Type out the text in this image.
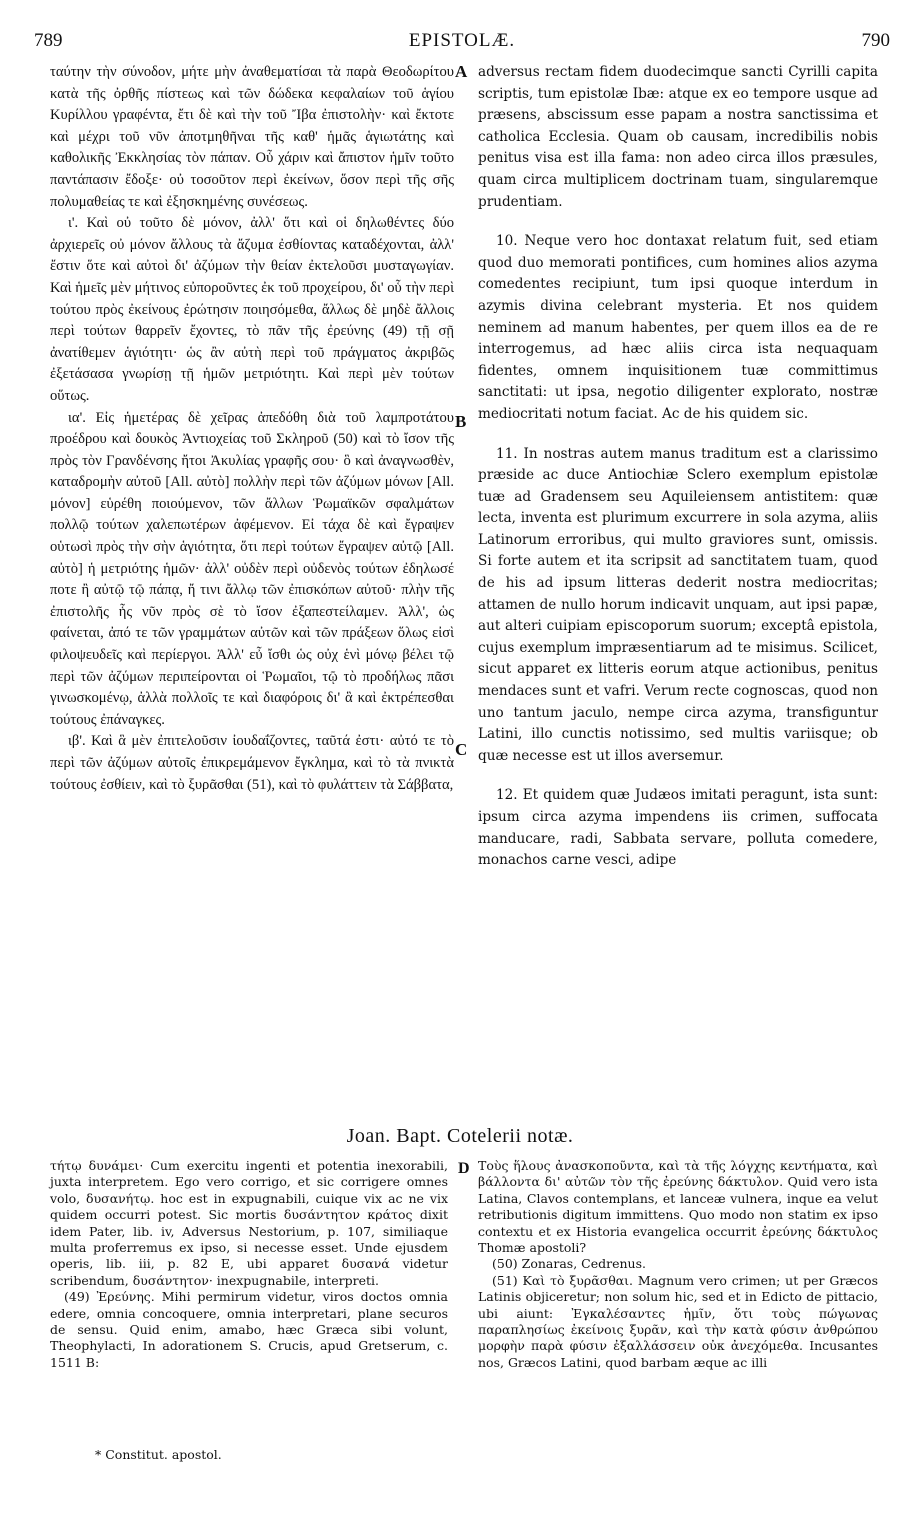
789	EPISTOLÆ.	790

ταύτην τὴν σύνοδον, μήτε μὴν ἀναθεματίσαι τὰ παρὰ Θεοδωρίτου κατὰ τῆς ὀρθῆς πίστεως καὶ τῶν δώδεκα κεφαλαίων τοῦ ἁγίου Κυρίλλου γραφέντα, ἔτι δὲ καὶ τὴν τοῦ Ἴβα ἐπιστολὴν· καὶ ἔκτοτε καὶ μέχρι τοῦ νῦν ἀποτμηθῆναι τῆς καθ' ἡμᾶς ἁγιωτάτης καὶ καθολικῆς Ἐκκλησίας τὸν πάπαν. Οὗ χάριν καὶ ἄπιστον ἡμῖν τοῦτο παντάπασιν ἔδοξε· οὐ τοσοῦτον περὶ ἐκείνων, ὅσον περὶ τῆς σῆς πολυμαθείας τε καὶ ἐξησκημένης συνέσεως.

ι'. Καὶ οὐ τοῦτο δὲ μόνον, ἀλλ' ὅτι καὶ οἱ δηλωθέντες δύο ἀρχιερεῖς οὐ μόνον ἄλλους τὰ ἄζυμα ἐσθίοντας καταδέχονται, ἀλλ' ἔστιν ὅτε καὶ αὐτοὶ δι' ἀζύμων τὴν θείαν ἐκτελοῦσι μυσταγωγίαν. Καὶ ἡμεῖς μὲν μήτινος εὐποροῦντες ἐκ τοῦ προχείρου, δι' οὗ τὴν περὶ τούτου πρὸς ἐκείνους ἐρώτησιν ποιησόμεθα, ἄλλως δὲ μηδὲ ἄλλοις περὶ τούτων θαρρεῖν ἔχοντες, τὸ πᾶν τῆς ἐρεύνης (49) τῇ σῇ ἀνατίθεμεν ἁγιότητι· ὡς ἂν αὐτὴ περὶ τοῦ πράγματος ἀκριβῶς ἐξετάσασα γνωρίσῃ τῇ ἡμῶν μετριότητι. Καὶ περὶ μὲν τούτων οὕτως.

ια'. Εἰς ἡμετέρας δὲ χεῖρας ἀπεδόθη διὰ τοῦ λαμπροτάτου προέδρου καὶ δουκὸς Ἀντιοχείας τοῦ Σκληροῦ (50) καὶ τὸ ἴσον τῆς πρὸς τὸν Γρανδένσης ἤτοι Ἀκυλίας γραφῆς σου· ὃ καὶ ἀναγνωσθὲν, καταδρομὴν αὐτοῦ [All. αὐτὸ] πολλὴν περὶ τῶν ἀζύμων μόνων [All. μόνον] εὑρέθη ποιούμενον, τῶν ἄλλων Ῥωμαϊκῶν σφαλμάτων πολλῷ τούτων χαλεπωτέρων ἀφέμενον. Εἰ τάχα δὲ καὶ ἔγραψεν οὑτωσὶ πρὸς τὴν σὴν ἁγιότητα, ὅτι περὶ τούτων ἔγραψεν αὐτῷ [All. αὐτὸ] ἡ μετριότης ἡμῶν· ἀλλ' οὐδὲν περὶ οὐδενὸς τούτων ἐδηλωσέ ποτε ἢ αὐτῷ τῷ πάπᾳ, ἤ τινι ἄλλῳ τῶν ἐπισκόπων αὐτοῦ· πλὴν τῆς ἐπιστολῆς ἧς νῦν πρὸς σὲ τὸ ἴσον ἐξαπεστείλαμεν. Ἀλλ', ὡς φαίνεται, ἀπό τε τῶν γραμμάτων αὐτῶν καὶ τῶν πράξεων ὅλως εἰσὶ φιλοψευδεῖς καὶ περίεργοι. Ἀλλ' εὖ ἴσθι ὡς οὐχ ἑνὶ μόνῳ βέλει τῷ περὶ τῶν ἀζύμων περιπείρονται οἱ Ῥωμαῖοι, τῷ τὸ προδήλως πᾶσι γινωσκομένῳ, ἀλλὰ πολλοῖς τε καὶ διαφόροις δι' ἃ καὶ ἐκτρέπεσθαι τούτους ἐπάναγκες.

ιβ'. Καὶ ἃ μὲν ἐπιτελοῦσιν ἰουδαΐζοντες, ταῦτά ἐστι· αὐτό τε τὸ περὶ τῶν ἀζύμων αὐτοῖς ἐπικρεμάμενον ἔγκλημα, καὶ τὸ τὰ πνικτὰ τούτους ἐσθίειν, καὶ τὸ ξυρᾶσθαι (51), καὶ τὸ φυλάττειν τὰ Σάββατα,

A
B
C

adversus rectam fidem duodecimque sancti Cyrilli capita scriptis, tum epistolæ Ibæ: atque ex eo tempore usque ad præsens, abscissum esse papam a nostra sanctissima et catholica Ecclesia. Quam ob causam, incredibilis nobis penitus visa est illa fama: non adeo circa illos præsules, quam circa multiplicem doctrinam tuam, singularemque prudentiam.

10. Neque vero hoc dontaxat relatum fuit, sed etiam quod duo memorati pontifices, cum homines alios azyma comedentes recipiunt, tum ipsi quoque interdum in azymis divina celebrant mysteria. Et nos quidem neminem ad manum habentes, per quem illos ea de re interrogemus, ad hæc aliis circa ista nequaquam fidentes, omnem inquisitionem tuæ committimus sanctitati: ut ipsa, negotio diligenter explorato, nostræ mediocritati notum faciat. Ac de his quidem sic.

11. In nostras autem manus traditum est a clarissimo præside ac duce Antiochiæ Sclero exemplum epistolæ tuæ ad Gradensem seu Aquileiensem antistitem: quæ lecta, inventa est plurimum excurrere in sola azyma, aliis Latinorum erroribus, qui multo graviores sunt, omissis. Si forte autem et ita scripsit ad sanctitatem tuam, quod de his ad ipsum litteras dederit nostra mediocritas; attamen de nullo horum indicavit unquam, aut ipsi papæ, aut alteri cuipiam episcoporum suorum; exceptâ epistola, cujus exemplum impræsentiarum ad te misimus. Scilicet, sicut apparet ex litteris eorum atque actionibus, penitus mendaces sunt et vafri. Verum recte cognoscas, quod non uno tantum jaculo, nempe circa azyma, transfiguntur Latini, illo cunctis notissimo, sed multis variisque; ob quæ necesse est ut illos aversemur.

12. Et quidem quæ Judæos imitati peragunt, ista sunt: ipsum circa azyma impendens iis crimen, suffocata manducare, radi, Sabbata servare, polluta comedere, monachos carne vesci, adipe

Joan. Bapt. Cotelerii notæ.
D

τήτῳ δυνάμει· Cum exercitu ingenti et potentia inexorabili, juxta interpretem. Ego vero corrigo, et sic corrigere omnes volo, δυσανήτῳ. hoc est in expugnabili, cuique vix ac ne vix quidem occurri potest. Sic mortis δυσάντητον κράτος dixit idem Pater, lib. iv, Adversus Nestorium, p. 107, similiaque multa proferremus ex ipso, si necesse esset. Unde ejusdem operis, lib. iii, p. 82 E, ubi apparet δυσανά videtur scribendum, δυσάντητον· inexpugnabile, interpreti.

(49) Ἐρεύνης. Mihi permirum videtur, viros doctos omnia edere, omnia concoquere, omnia interpretari, plane securos de sensu. Quid enim, amabo, hæc Græca sibi volunt, Theophylacti, In adorationem S. Crucis, apud Gretserum, c. 1511 B:

Τοὺς ἥλους ἀνασκοποῦντα, καὶ τὰ τῆς λόγχης κεντήματα, καὶ βάλλοντα δι' αὐτῶν τὸν τῆς ἐρεύνης δάκτυλον. Quid vero ista Latina, Clavos contemplans, et lanceæ vulnera, inque ea velut retributionis digitum immittens. Quo modo non statim ex ipso contextu et ex Historia evangelica occurrit ἐρεύνης δάκτυλος Thomæ apostoli?

(50) Zonaras, Cedrenus.

(51) Καὶ τὸ ξυρᾶσθαι. Magnum vero crimen; ut per Græcos Latinis objiceretur; non solum hic, sed et in Edicto de pittacio, ubi aiunt: Ἐγκαλέσαντες ἡμῖν, ὅτι τοὺς πώγωνας παραπλησίως ἐκείνοις ξυρᾶν, καὶ τὴν κατὰ φύσιν ἀνθρώπου μορφὴν παρὰ φύσιν ἐξαλλάσσειν οὐκ ἀνεχόμεθα. Incusantes nos, Græcos Latini, quod barbam æque ac illi

* Constitut. apostol.
